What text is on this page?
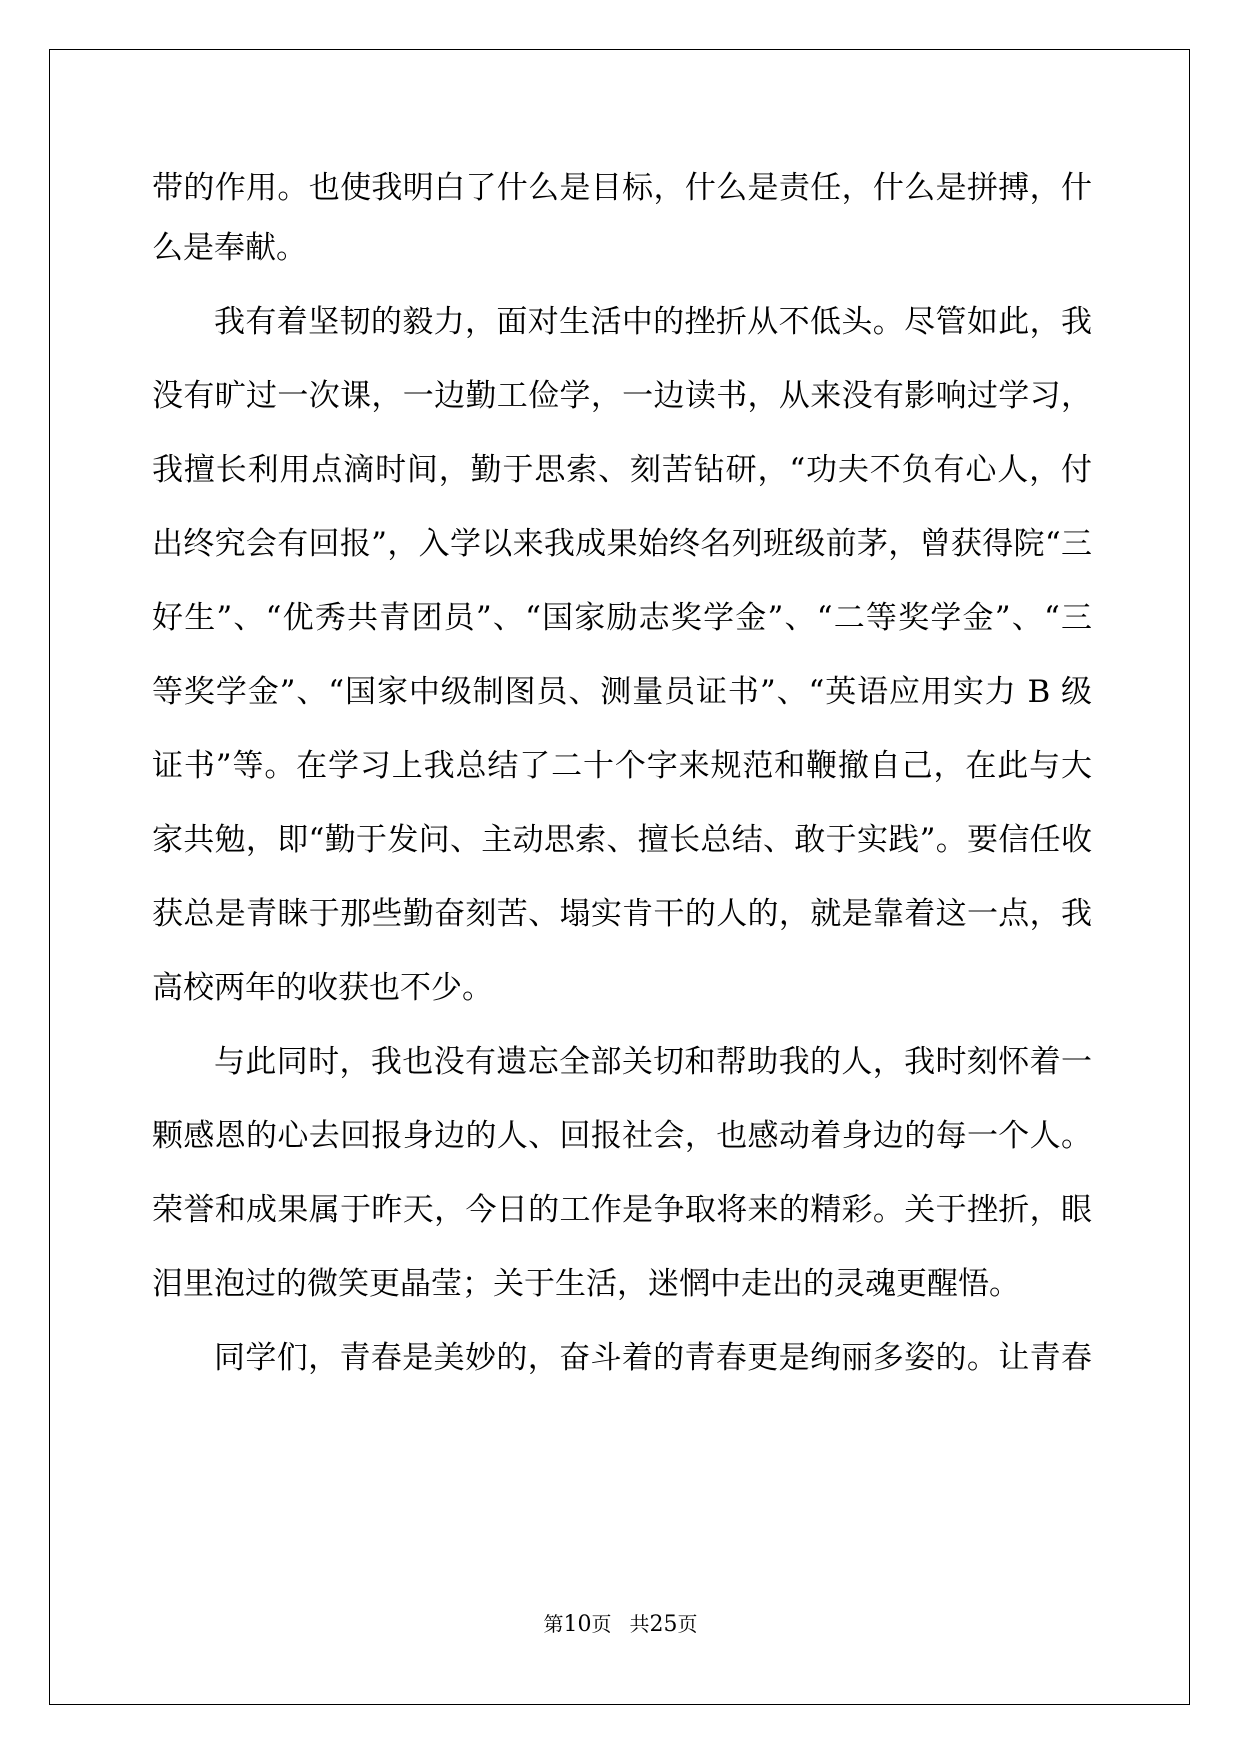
带的作用。也使我明白了什么是目标，什么是责任，什么是拼搏，什
么是奉献。
我有着坚韧的毅力，面对生活中的挫折从不低头。尽管如此，我
没有旷过一次课，一边勤工俭学，一边读书，从来没有影响过学习，
我擅长利用点滴时间，勤于思索、刻苦钻研，“功夫不负有心人，付
出终究会有回报”，入学以来我成果始终名列班级前茅，曾获得院“三
好生”、“优秀共青团员”、“国家励志奖学金”、“二等奖学金”、“三
等奖学金”、“国家中级制图员、测量员证书”、“英语应用实力 B 级
证书”等。在学习上我总结了二十个字来规范和鞭撤自己，在此与大
家共勉，即“勤于发问、主动思索、擅长总结、敢于实践”。要信任收
获总是青睐于那些勤奋刻苦、塌实肯干的人的，就是靠着这一点，我
高校两年的收获也不少。
与此同时，我也没有遗忘全部关切和帮助我的人，我时刻怀着一
颗感恩的心去回报身边的人、回报社会，也感动着身边的每一个人。
荣誉和成果属于昨天，今日的工作是争取将来的精彩。关于挫折，眼
泪里泡过的微笑更晶莹；关于生活，迷惘中走出的灵魂更醒悟。
同学们，青春是美妙的，奋斗着的青春更是绚丽多姿的。让青春
第10页 共25页
